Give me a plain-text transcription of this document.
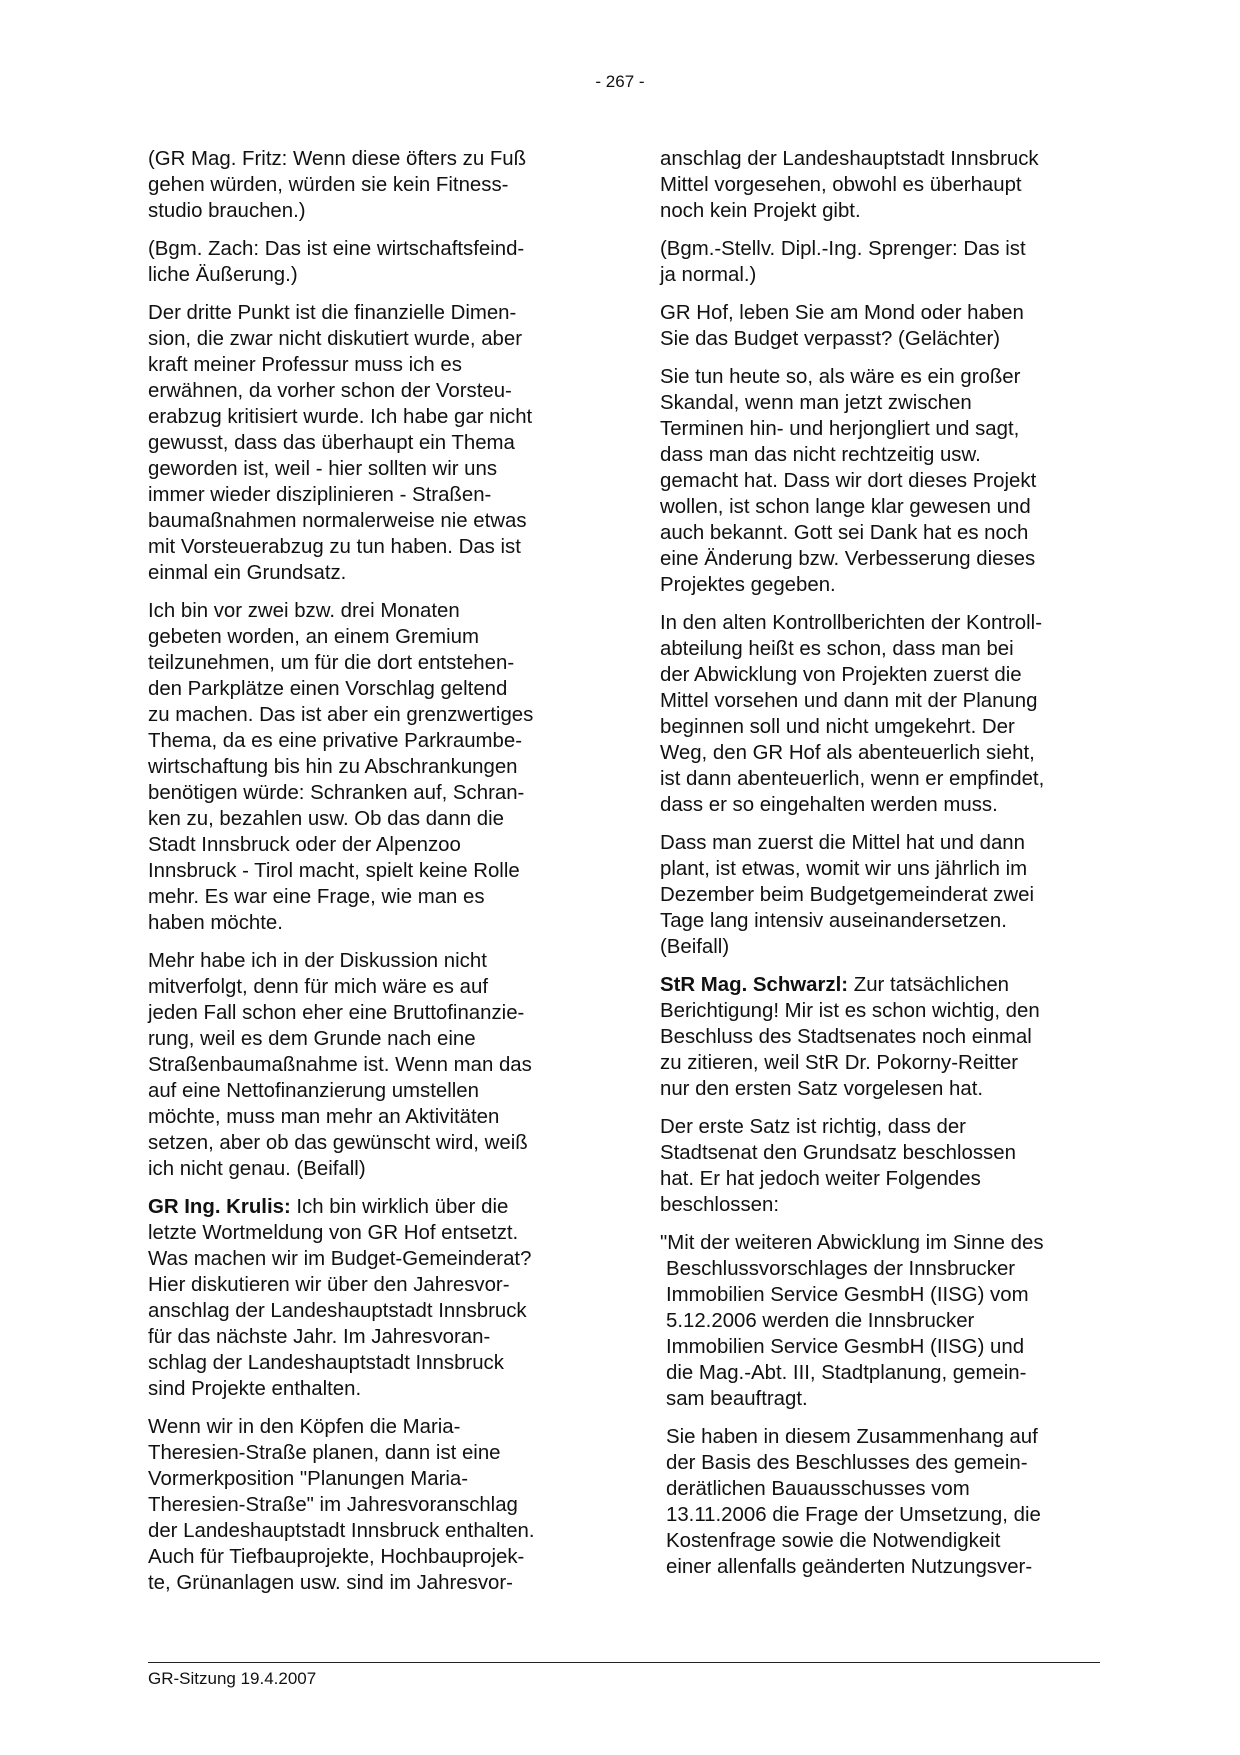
- 267 -

(GR Mag. Fritz: Wenn diese öfters zu Fuß
gehen würden, würden sie kein Fitness-
studio brauchen.)

(Bgm. Zach: Das ist eine wirtschaftsfeind-
liche Äußerung.)

Der dritte Punkt ist die finanzielle Dimen-
sion, die zwar nicht diskutiert wurde, aber
kraft meiner Professur muss ich es
erwähnen, da vorher schon der Vorsteu-
erabzug kritisiert wurde. Ich habe gar nicht
gewusst, dass das überhaupt ein Thema
geworden ist, weil - hier sollten wir uns
immer wieder disziplinieren - Straßen-
baumaßnahmen normalerweise nie etwas
mit Vorsteuerabzug zu tun haben. Das ist
einmal ein Grundsatz.

Ich bin vor zwei bzw. drei Monaten
gebeten worden, an einem Gremium
teilzunehmen, um für die dort entstehen-
den Parkplätze einen Vorschlag geltend
zu machen. Das ist aber ein grenzwertiges
Thema, da es eine privative Parkraumbe-
wirtschaftung bis hin zu Abschrankungen
benötigen würde: Schranken auf, Schran-
ken zu, bezahlen usw. Ob das dann die
Stadt Innsbruck oder der Alpenzoo
Innsbruck - Tirol macht, spielt keine Rolle
mehr. Es war eine Frage, wie man es
haben möchte.

Mehr habe ich in der Diskussion nicht
mitverfolgt, denn für mich wäre es auf
jeden Fall schon eher eine Bruttofinanzie-
rung, weil es dem Grunde nach eine
Straßenbaumaßnahme ist. Wenn man das
auf eine Nettofinanzierung umstellen
möchte, muss man mehr an Aktivitäten
setzen, aber ob das gewünscht wird, weiß
ich nicht genau. (Beifall)

GR Ing. Krulis: Ich bin wirklich über die
letzte Wortmeldung von GR Hof entsetzt.
Was machen wir im Budget-Gemeinderat?
Hier diskutieren wir über den Jahresvor-
anschlag der Landeshauptstadt Innsbruck
für das nächste Jahr. Im Jahresvoran-
schlag der Landeshauptstadt Innsbruck
sind Projekte enthalten.

Wenn wir in den Köpfen die Maria-
Theresien-Straße planen, dann ist eine
Vormerkposition "Planungen Maria-
Theresien-Straße" im Jahresvoranschlag
der Landeshauptstadt Innsbruck enthalten.
Auch für Tiefbauprojekte, Hochbauprojek-
te, Grünanlagen usw. sind im Jahresvor-

anschlag der Landeshauptstadt Innsbruck
Mittel vorgesehen, obwohl es überhaupt
noch kein Projekt gibt.

(Bgm.-Stellv. Dipl.-Ing. Sprenger: Das ist
ja normal.)

GR Hof, leben Sie am Mond oder haben
Sie das Budget verpasst? (Gelächter)

Sie tun heute so, als wäre es ein großer
Skandal, wenn man jetzt zwischen
Terminen hin- und herjongliert und sagt,
dass man das nicht rechtzeitig usw.
gemacht hat. Dass wir dort dieses Projekt
wollen, ist schon lange klar gewesen und
auch bekannt. Gott sei Dank hat es noch
eine Änderung bzw. Verbesserung dieses
Projektes gegeben.

In den alten Kontrollberichten der Kontroll-
abteilung heißt es schon, dass man bei
der Abwicklung von Projekten zuerst die
Mittel vorsehen und dann mit der Planung
beginnen soll und nicht umgekehrt. Der
Weg, den GR Hof als abenteuerlich sieht,
ist dann abenteuerlich, wenn er empfindet,
dass er so eingehalten werden muss.

Dass man zuerst die Mittel hat und dann
plant, ist etwas, womit wir uns jährlich im
Dezember beim Budgetgemeinderat zwei
Tage lang intensiv auseinandersetzen.
(Beifall)

StR Mag. Schwarzl: Zur tatsächlichen
Berichtigung! Mir ist es schon wichtig, den
Beschluss des Stadtsenates noch einmal
zu zitieren, weil StR Dr. Pokorny-Reitter
nur den ersten Satz vorgelesen hat.

Der erste Satz ist richtig, dass der
Stadtsenat den Grundsatz beschlossen
hat. Er hat jedoch weiter Folgendes
beschlossen:

"Mit der weiteren Abwicklung im Sinne des
Beschlussvorschlages der Innsbrucker
Immobilien Service GesmbH (IISG) vom
5.12.2006 werden die Innsbrucker
Immobilien Service GesmbH (IISG) und
die Mag.-Abt. III, Stadtplanung, gemein-
sam beauftragt.

Sie haben in diesem Zusammenhang auf
der Basis des Beschlusses des gemein-
derätlichen Bauausschusses vom
13.11.2006 die Frage der Umsetzung, die
Kostenfrage sowie die Notwendigkeit
einer allenfalls geänderten Nutzungsver-

GR-Sitzung 19.4.2007
